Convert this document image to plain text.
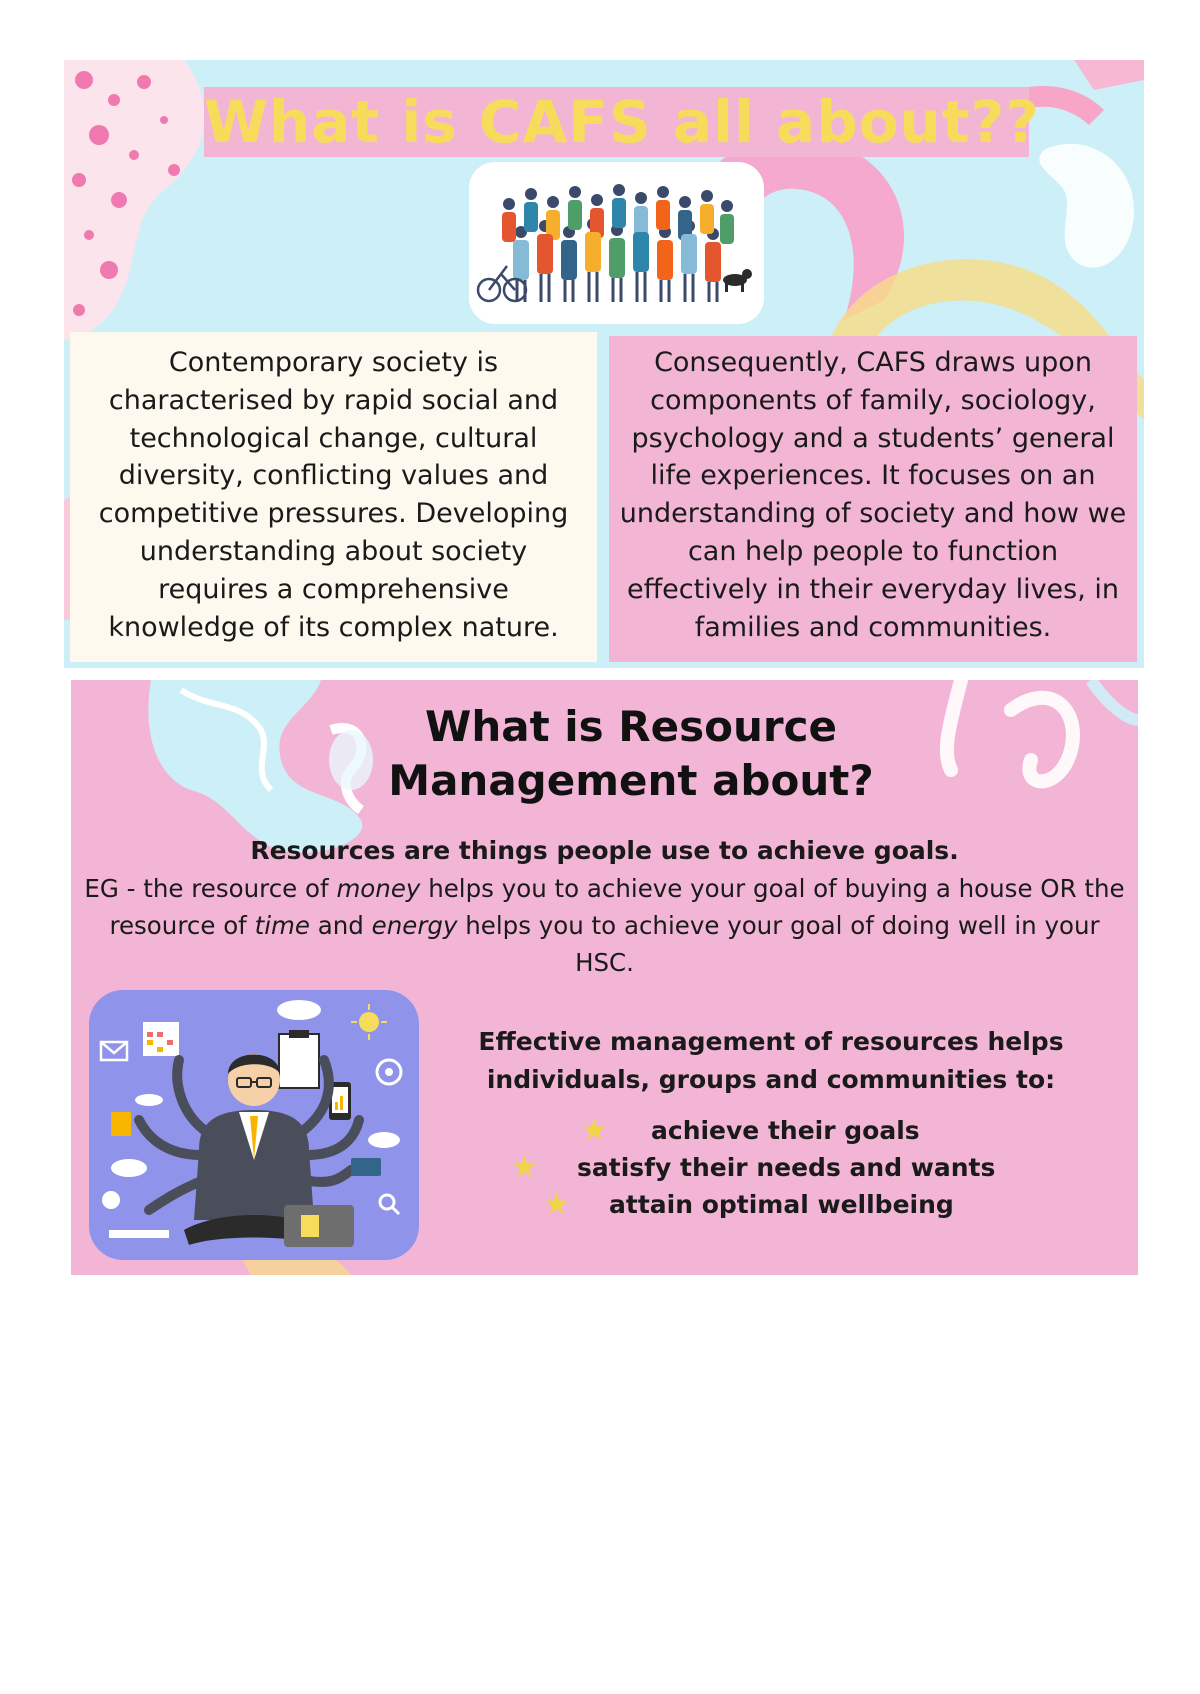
What is CAFS all about??
Contemporary society is characterised by rapid social and technological change, cultural diversity, conflicting values and competitive pressures. Developing understanding about society requires a comprehensive knowledge of its complex nature.
Consequently, CAFS draws upon components of family, sociology, psychology and a students’ general life experiences. It focuses on an understanding of society and how we can help people to function effectively in their everyday lives, in families and communities.
What is Resource
Management about?
Resources are things people use to achieve goals.
EG - the resource of money helps you to achieve your goal of buying a house OR the resource of time and energy helps you to achieve your goal of doing well in your HSC.
Effective management of resources helps
individuals, groups and communities to:
★ achieve their goals
★ satisfy their needs and wants
★ attain optimal wellbeing
